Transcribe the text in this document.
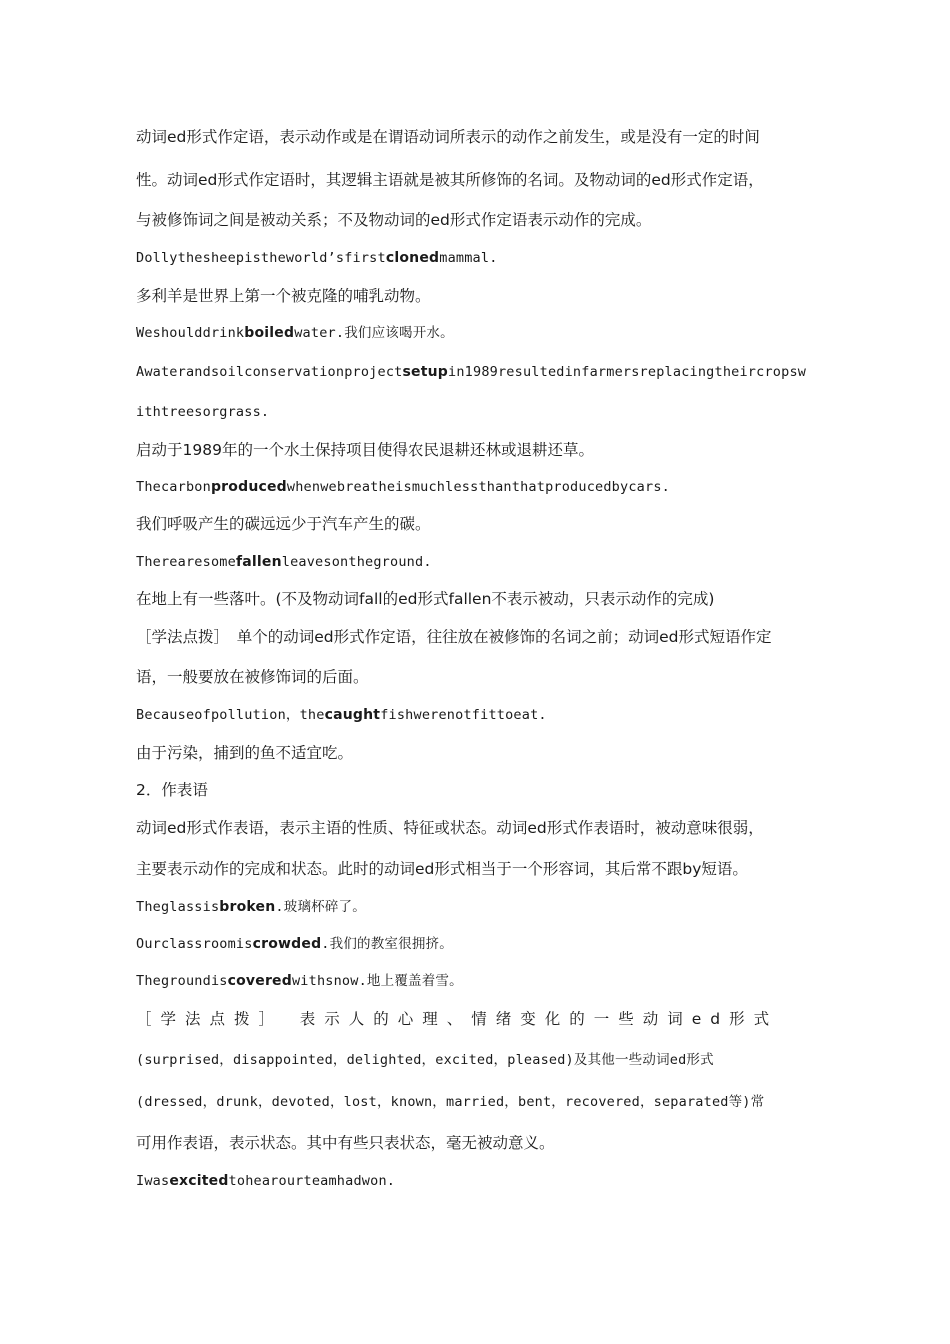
动词ed形式作定语，表示动作或是在谓语动词所表示的动作之前发生，或是没有一定的时间
性。动词ed形式作定语时，其逻辑主语就是被其所修饰的名词。及物动词的ed形式作定语，
与被修饰词之间是被动关系；不及物动词的ed形式作定语表示动作的完成。
Dollythesheepistheworld’sfirstclonedmammal.
多利羊是世界上第一个被克隆的哺乳动物。
Weshoulddrinkboiledwater.我们应该喝开水。
Awaterandsoilconservationprojectsetupin1989resultedinfarmersreplacingtheircropsw
ithtreesorgrass.
启动于1989年的一个水土保持项目使得农民退耕还林或退耕还草。
Thecarbonproducedwhenwebreatheismuchlessthanthatproducedbycars.
我们呼吸产生的碳远远少于汽车产生的碳。
Therearesomefallenleavesontheground.
在地上有一些落叶。(不及物动词fall的ed形式fallen不表示被动，只表示动作的完成)
［学法点拨］　单个的动词ed形式作定语，往往放在被修饰的名词之前；动词ed形式短语作定
语，一般要放在被修饰词的后面。
Becauseofpollution，thecaughtfishwerenotfittoeat.
由于污染，捕到的鱼不适宜吃。
2．作表语
动词ed形式作表语，表示主语的性质、特征或状态。动词ed形式作表语时，被动意味很弱，
主要表示动作的完成和状态。此时的动词ed形式相当于一个形容词，其后常不跟by短语。
Theglassisbroken.玻璃杯碎了。
Ourclassroomiscrowded.我们的教室很拥挤。
Thegroundiscoveredwithsnow.地上覆盖着雪。
［学法点拨］　表示人的心理、情绪变化的一些动词ed形式
(surprised，disappointed，delighted，excited，pleased)及其他一些动词ed形式
(dressed，drunk，devoted，lost，known，married，bent，recovered，separated等)常
可用作表语，表示状态。其中有些只表状态，毫无被动意义。
Iwasexcitedtohearourteamhadwon.
